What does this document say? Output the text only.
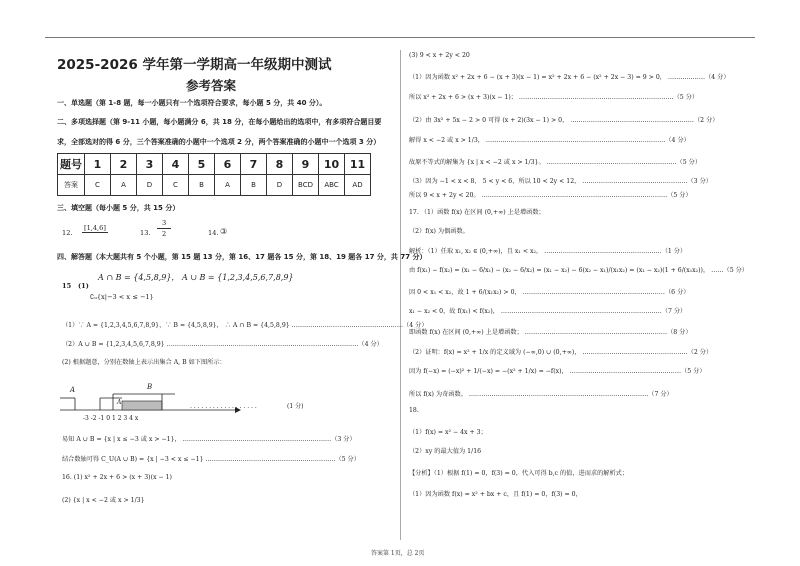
2025-2026 学年第一学期高一年级期中测试
参考答案
一、单选题（第 1-8 题，每一小题只有一个选项符合要求，每小题 5 分，共 40 分）。
二、多项选择题（第 9-11 小题，每小题满分 6，共 18 分，在每小题给出的选项中，有多项符合题目要
求，全部选对的得 6 分，三个答案准确的小题中一个选项 2 分，两个答案准确的小题中一个选项 3 分）
题号	1	2	3	4	5	6	7	8	9	10	11
答案	C	A	D	C	B	A	B	D	BCD	ABC	AD
三、填空题（每小题 5 分，共 15 分）
12.
[1,4,6]
13.
3
2	14. ③
四、解答题（本大题共有 5 个小题，第 15 题 13 分，第 16、17 题各 15 分，第 18、19 题各 17 分，共 77 分）
15 (1)
A ∩ B = {4,5,8,9}， A ∪ B = {1,2,3,4,5,6,7,8,9}
∁ᵤ{x|−3 < x ≤ −1}
（1）∵ A = {1,2,3,4,5,6,7,8,9}，∵ B = {4,5,8,9}， ∴ A ∩ B = {4,5,8,9} ………………………………………………（4 分）
（2）A ∪ B = {1,2,3,4,5,6,7,8,9} …………………………………………………………………………………（4 分）
(2) 根据题意，分别在数轴上表示出集合 A, B 如下图所示：
A
A
B
-3 -2 -1 0 1 2 3 4 x
. . . . . . . . . . . . . . . . . .	(1 分)
易知 A ∪ B = {x | x ≤ −3 或 x > −1}， ………………………………………………………………（3 分）
结合数轴可得 C_U(A ∪ B) = {x | −3 < x ≤ −1} ………………………………………………………（5 分）
16. (1) x² + 2x + 6 > (x + 3)(x − 1)
(2) {x | x < −2 或 x > 1/3}
(3) 9 < x + 2y < 20
（1）因为函数 x² + 2x + 6 − (x + 3)(x − 1) = x² + 2x + 6 − (x² + 2x − 3) = 9 > 0， ………………（4 分）
所以 x² + 2x + 6 > (x + 3)(x − 1)； …………………………………………………………………（5 分）
（2）由 3x² + 5x − 2 > 0 可得 (x + 2)(3x − 1) > 0， ……………………………………………………（2 分）
解得 x < −2 或 x > 1/3， ……………………………………………………………………………（4 分）
故原不等式的解集为 {x | x < −2 或 x > 1/3}。 ………………………………………………………（5 分）
（3）因为 −1 < x < 8， 5 < y < 6，所以 10 < 2y < 12， ……………………………………………（3 分）
所以 9 < x + 2y < 20。 ………………………………………………………………………………（5 分）
17. （1）函数 f(x) 在区间 (0,+∞) 上是增函数；
（2）f(x) 为偶函数。
解析：（1）任取 x₁, x₂ ∈ (0,+∞)，且 x₁ < x₂， …………………………………………………（1 分）
由 f(x₁) − f(x₂) = (x₁ − 6/x₁) − (x₂ − 6/x₂) = (x₁ − x₂) − 6(x₂ − x₁)/(x₁x₂) = (x₁ − x₂)(1 + 6/(x₁x₂))， ……（5 分）
因 0 < x₁ < x₂，故 1 + 6/(x₁x₂) > 0， ……………………………………………………………（6 分）
x₁ − x₂ < 0，故 f(x₁) < f(x₂)， ……………………………………………………………………（7 分）
即函数 f(x) 在区间 (0,+∞) 上是增函数； ……………………………………………………………（8 分）
（2）证明：f(x) = x² + 1/x 的定义域为 (−∞,0) ∪ (0,+∞)， ……………………………………………（2 分）
因为 f(−x) = (−x)² + 1/(−x) = −(x² + 1/x) = −f(x)， ………………………………………………（5 分）
所以 f(x) 为奇函数。 ……………………………………………………………………………（7 分）
18.
（1）f(x) = x² − 4x + 3；
（2）xy 的最大值为 1/16
【分析】（1）根据 f(1) = 0，f(3) = 0，代入可得 b,c 的值，进而求的解析式；
（1）因为函数 f(x) = x² + bx + c，且 f(1) = 0，f(3) = 0，
答案第 1页，总 2页
